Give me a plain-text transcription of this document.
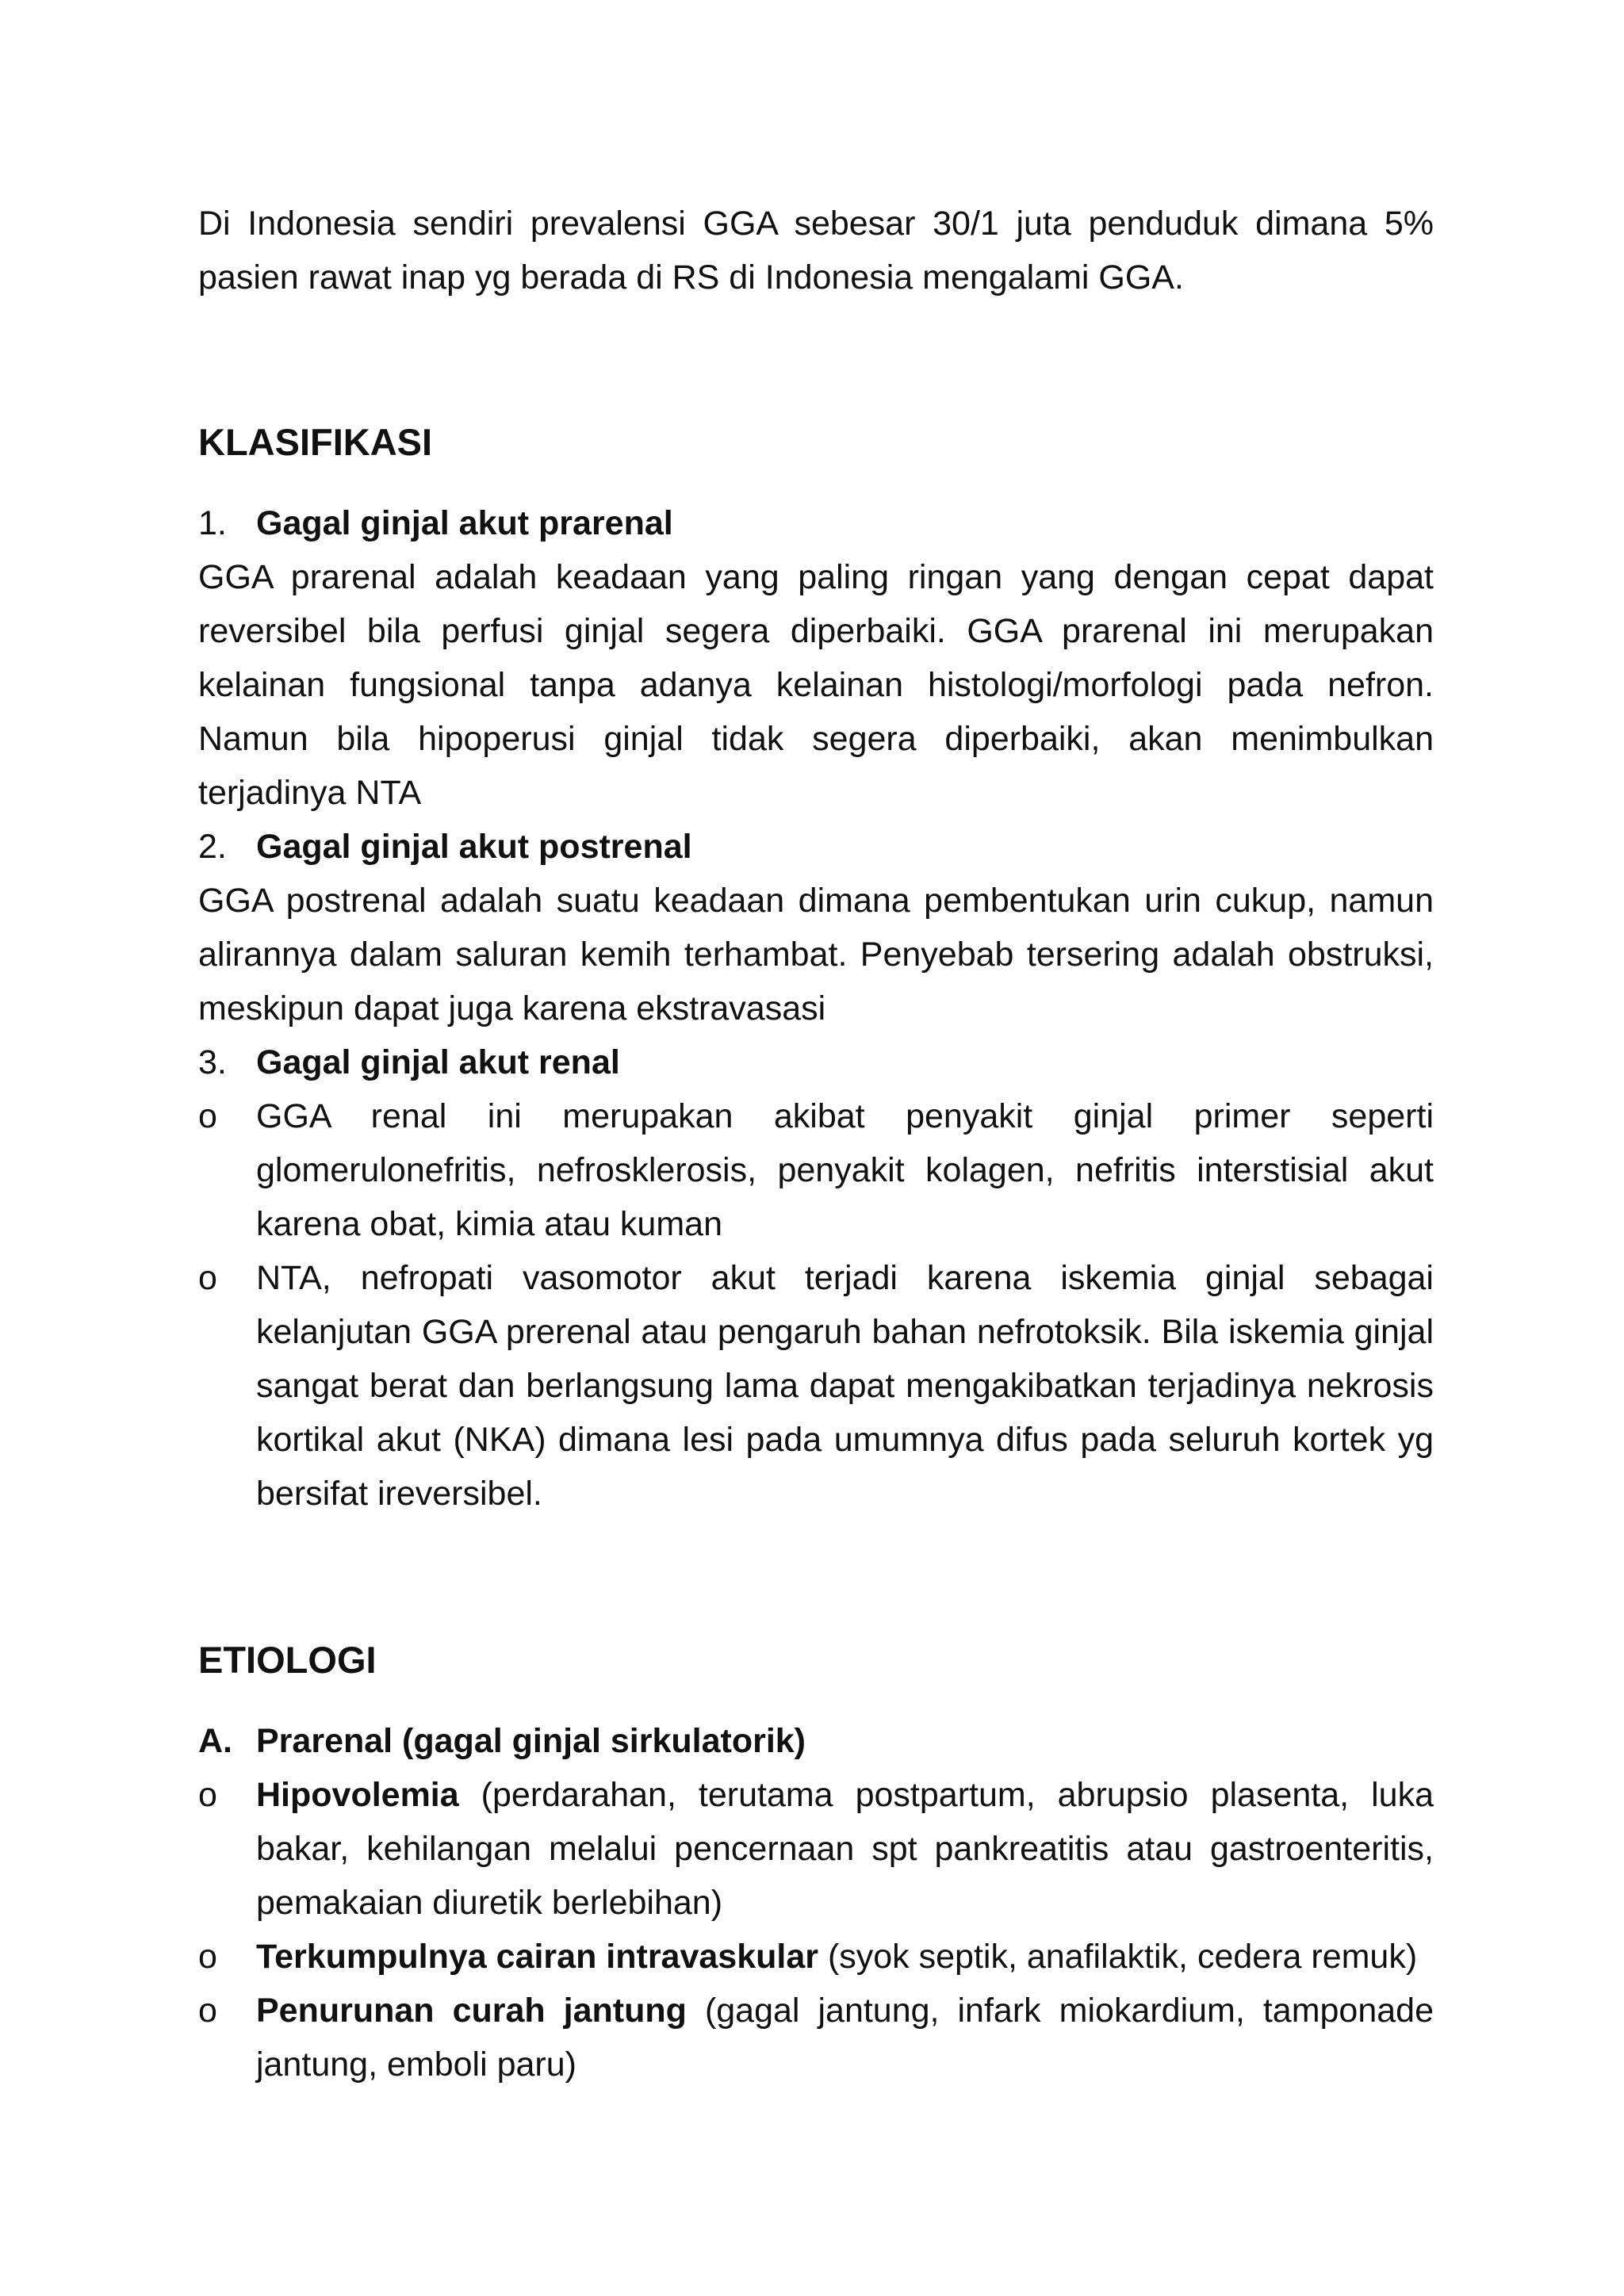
Di Indonesia sendiri prevalensi GGA sebesar 30/1 juta penduduk dimana 5%

pasien rawat inap yg berada di RS di Indonesia mengalami GGA.

KLASIFIKASI
1. Gagal ginjal akut prarenal

GGA prarenal adalah keadaan yang paling ringan yang dengan cepat dapat reversibel bila perfusi ginjal segera diperbaiki. GGA prarenal ini merupakan kelainan fungsional tanpa adanya kelainan histologi/morfologi pada nefron. Namun bila hipoperusi ginjal tidak segera diperbaiki, akan menimbulkan terjadinya NTA

2. Gagal ginjal akut postrenal

GGA postrenal adalah suatu keadaan dimana pembentukan urin cukup, namun alirannya dalam saluran kemih terhambat. Penyebab tersering adalah obstruksi, meskipun dapat juga karena ekstravasasi

3. Gagal ginjal akut renal
o	GGA renal ini merupakan akibat penyakit ginjal primer seperti glomerulonefritis, nefrosklerosis, penyakit kolagen, nefritis interstisial akut karena obat, kimia atau kuman
o	NTA, nefropati vasomotor akut terjadi karena iskemia ginjal sebagai kelanjutan GGA prerenal atau pengaruh bahan nefrotoksik. Bila iskemia ginjal sangat berat dan berlangsung lama dapat mengakibatkan terjadinya nekrosis kortikal akut (NKA) dimana lesi pada umumnya difus pada seluruh kortek yg bersifat ireversibel.
ETIOLOGI
A. Prarenal (gagal ginjal sirkulatorik)
o	Hipovolemia (perdarahan, terutama postpartum, abrupsio plasenta, luka bakar, kehilangan melalui pencernaan spt pankreatitis atau gastroenteritis, pemakaian diuretik berlebihan)
o	Terkumpulnya cairan intravaskular (syok septik, anafilaktik, cedera remuk)
o	Penurunan curah jantung (gagal jantung, infark miokardium, tamponade jantung, emboli paru)
